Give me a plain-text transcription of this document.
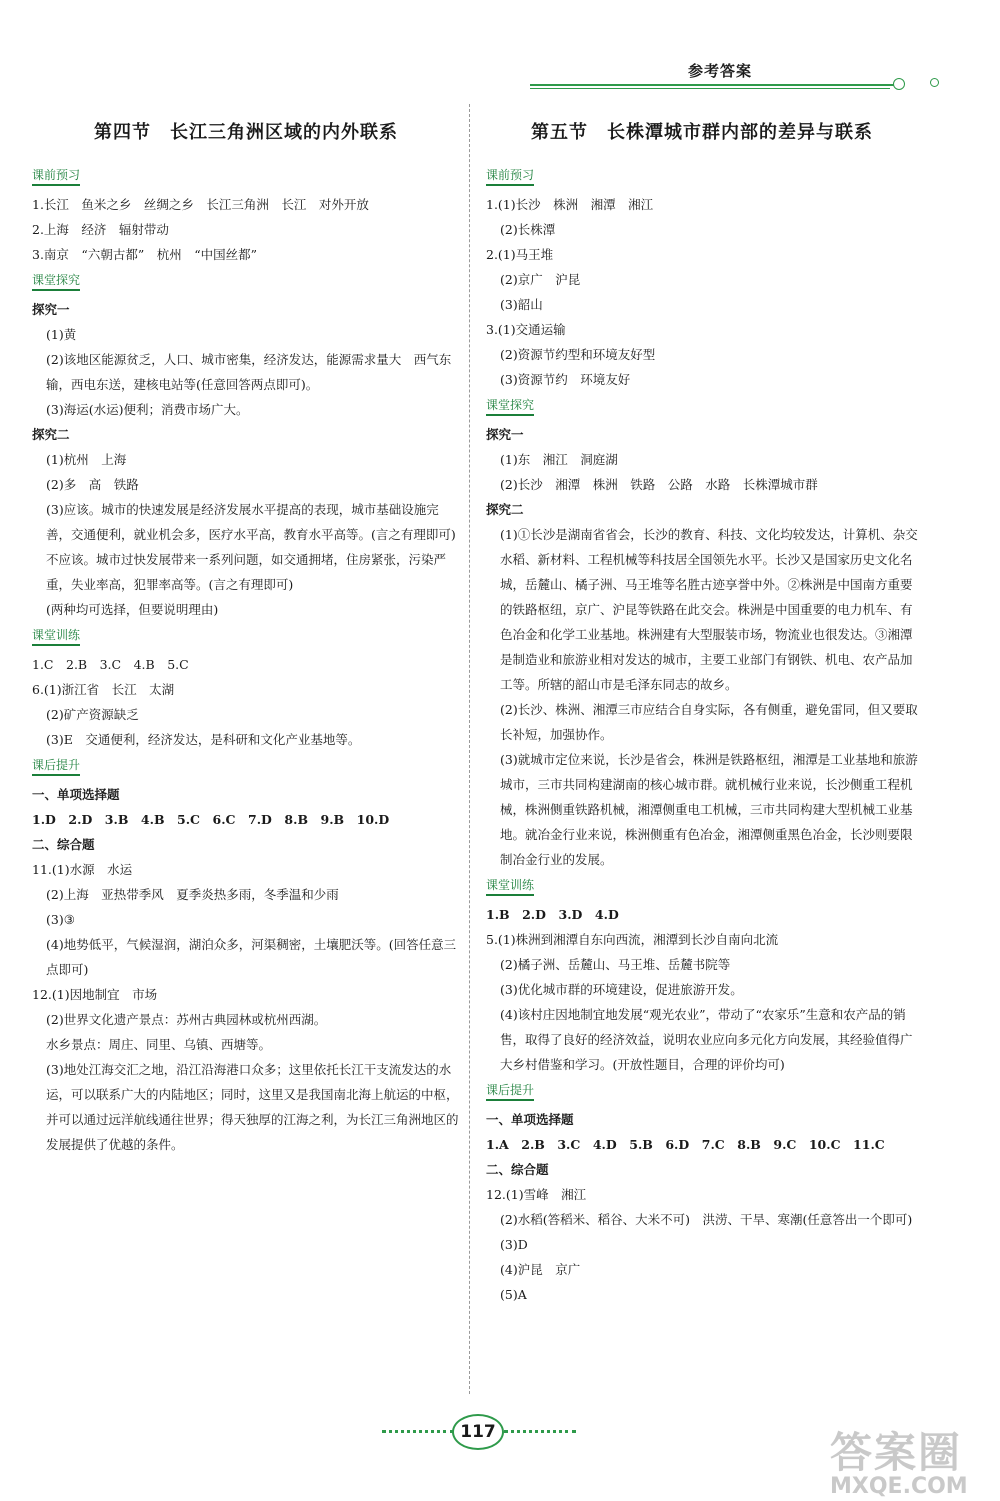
参考答案
第四节　长江三角洲区域的内外联系
课前预习

1.长江　鱼米之乡　丝绸之乡　长江三角洲　长江　对外开放

2.上海　经济　辐射带动

3.南京　“六朝古都”　杭州　“中国丝都”

课堂探究

探究一

(1)黄

(2)该地区能源贫乏，人口、城市密集，经济发达，能源需求量大　西气东输，西电东送，建核电站等(任意回答两点即可)。

(3)海运(水运)便利；消费市场广大。

探究二

(1)杭州　上海

(2)多　高　铁路

(3)应该。城市的快速发展是经济发展水平提高的表现，城市基础设施完善，交通便利，就业机会多，医疗水平高，教育水平高等。(言之有理即可)

不应该。城市过快发展带来一系列问题，如交通拥堵，住房紧张，污染严重，失业率高，犯罪率高等。(言之有理即可)

(两种均可选择，但要说明理由)

课堂训练

1.C　2.B　3.C　4.B　5.C

6.(1)浙江省　长江　太湖

(2)矿产资源缺乏

(3)E　交通便利，经济发达，是科研和文化产业基地等。

课后提升

一、单项选择题

1.D　2.D　3.B　4.B　5.C　6.C　7.D　8.B　9.B　10.D

二、综合题

11.(1)水源　水运

(2)上海　亚热带季风　夏季炎热多雨，冬季温和少雨

(3)③

(4)地势低平，气候湿润，湖泊众多，河渠稠密，土壤肥沃等。(回答任意三点即可)

12.(1)因地制宜　市场

(2)世界文化遗产景点：苏州古典园林或杭州西湖。

水乡景点：周庄、同里、乌镇、西塘等。

(3)地处江海交汇之地，沿江沿海港口众多；这里依托长江干支流发达的水运，可以联系广大的内陆地区；同时，这里又是我国南北海上航运的中枢，并可以通过远洋航线通往世界；得天独厚的江海之利，为长江三角洲地区的发展提供了优越的条件。

第五节　长株潭城市群内部的差异与联系
课前预习

1.(1)长沙　株洲　湘潭　湘江

(2)长株潭

2.(1)马王堆

(2)京广　沪昆

(3)韶山

3.(1)交通运输

(2)资源节约型和环境友好型

(3)资源节约　环境友好

课堂探究

探究一

(1)东　湘江　洞庭湖

(2)长沙　湘潭　株洲　铁路　公路　水路　长株潭城市群

探究二

(1)①长沙是湖南省省会，长沙的教育、科技、文化均较发达，计算机、杂交水稻、新材料、工程机械等科技居全国领先水平。长沙又是国家历史文化名城，岳麓山、橘子洲、马王堆等名胜古迹享誉中外。②株洲是中国南方重要的铁路枢纽，京广、沪昆等铁路在此交会。株洲是中国重要的电力机车、有色冶金和化学工业基地。株洲建有大型服装市场，物流业也很发达。③湘潭是制造业和旅游业相对发达的城市，主要工业部门有钢铁、机电、农产品加工等。所辖的韶山市是毛泽东同志的故乡。

(2)长沙、株洲、湘潭三市应结合自身实际，各有侧重，避免雷同，但又要取长补短，加强协作。

(3)就城市定位来说，长沙是省会，株洲是铁路枢纽，湘潭是工业基地和旅游城市，三市共同构建湖南的核心城市群。就机械行业来说，长沙侧重工程机械，株洲侧重铁路机械，湘潭侧重电工机械，三市共同构建大型机械工业基地。就冶金行业来说，株洲侧重有色冶金，湘潭侧重黑色冶金，长沙则要限制冶金行业的发展。

课堂训练

1.B　2.D　3.D　4.D

5.(1)株洲到湘潭自东向西流，湘潭到长沙自南向北流

(2)橘子洲、岳麓山、马王堆、岳麓书院等

(3)优化城市群的环境建设，促进旅游开发。

(4)该村庄因地制宜地发展“观光农业”，带动了“农家乐”生意和农产品的销售，取得了良好的经济效益，说明农业应向多元化方向发展，其经验值得广大乡村借鉴和学习。(开放性题目，合理的评价均可)

课后提升

一、单项选择题

1.A　2.B　3.C　4.D　5.B　6.D　7.C　8.B　9.C　10.C　11.C

二、综合题

12.(1)雪峰　湘江

(2)水稻(答稻米、稻谷、大米不可)　洪涝、干旱、寒潮(任意答出一个即可)

(3)D

(4)沪昆　京广

(5)A

117	答案圈
MXQE.COM
